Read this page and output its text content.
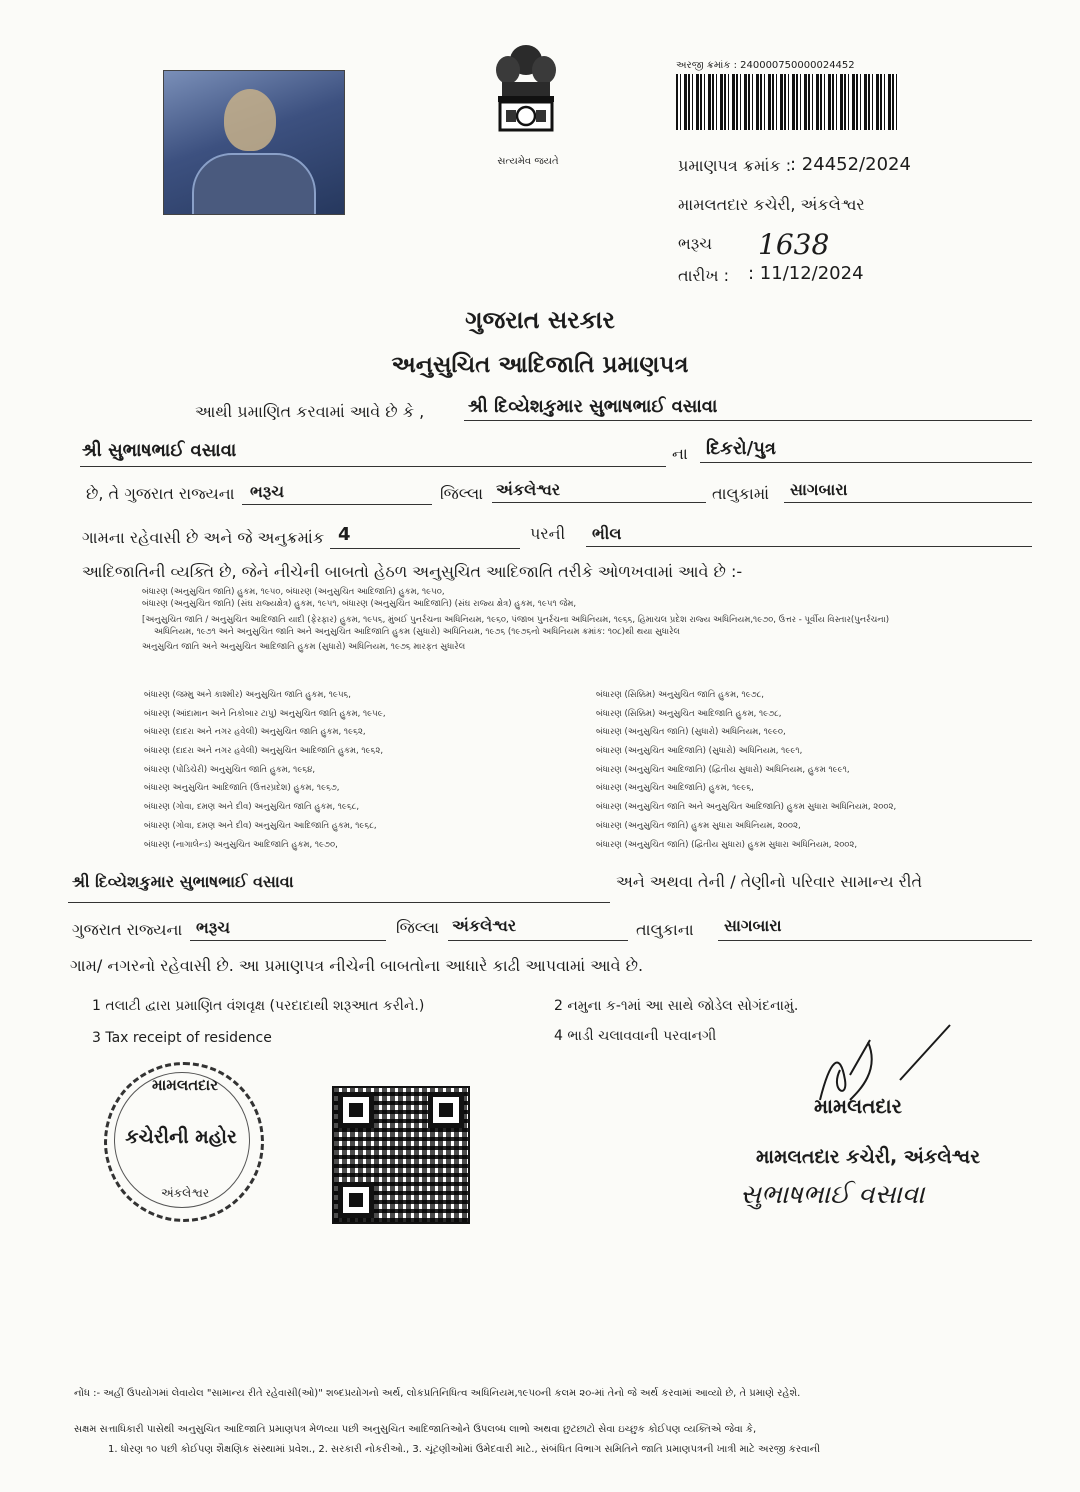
સત્યમેવ જયતે
અરજી ક્રમાંક : 240000750000024452
પ્રમાણપત્ર ક્રમાંક :
: 24452/2024
મામલતદાર કચેરી, અંકલેશ્વર
ભરૂચ 1638
તારીખ : : 11/12/2024
ગુજરાત સરકાર
અનુસુચિત આદિજાતિ પ્રમાણપત્ર
આથી પ્રમાણિત કરવામાં આવે છે કે , શ્રી દિવ્યેશકુમાર સુભાષભાઈ વસાવા
શ્રી સુભાષભાઈ વસાવા	ના દિકરો/પુત્ર
છે, તે ગુજરાત રાજ્યના ભરૂચ	જિલ્લા અંકલેશ્વર	તાલુકામાં સાગબારા
ગામના રહેવાસી છે અને જે અનુક્રમાંક 4	પરની ભીલ
આદિજાતિની વ્યક્તિ છે, જેને નીચેની બાબતો હેઠળ અનુસુચિત આદિજાતિ તરીકે ઓળખવામાં આવે છે :-
બંધારણ (અનુસુચિત જાતિ) હુકમ, ૧૯૫૦, બંધારણ (અનુસુચિત આદિજાતિ) હુકમ, ૧૯૫૦,
બંધારણ (અનુસુચિત જાતિ) (સંઘ રાજ્યક્ષેત્ર) હુકમ, ૧૯૫૧, બંધારણ (અનુસુચિત આદિજાતિ) (સંઘ રાજ્ય ક્ષેત્ર) હુકમ, ૧૯૫૧ જેમ,
[અનુસુચિત જાતિ / અનુસુચિત આદિજાતિ યાદી (ફેરફાર) હુકમ, ૧૯૫૬, મુંબઈ પુનર્રચના અધિનિયમ, ૧૯૬૦, પંજાબ પુનર્રચના અધિનિયમ, ૧૯૬૬, હિમાચલ પ્રદેશ રાજ્ય અધિનિયમ,૧૯૭૦, ઉત્તર - પૂર્વીય વિસ્તાર(પુનર્રચના)
અધિનિયમ, ૧૯૭૧ અને અનુસુચિત જાતિ અને અનુસુચિત આદિજાતિ હુકમ (સુધારો) અધિનિયમ, ૧૯૭૬ (૧૯૭૬નો અધિનિયમ ક્રમાંક: ૧૦૮)થી થયા સુધારેલ
અનુસુચિત જાતિ અને અનુસુચિત આદિજાતિ હુકમ (સુધારો) અધિનિયમ, ૧૯૭૬ મારફત સુધારેલ
બંધારણ (જમ્મુ અને કાશ્મીર) અનુસુચિત જાતિ હુકમ, ૧૯૫૬,
બંધારણ (આંદામાન અને નિકોબાર ટાપુ) અનુસુચિત જાતિ હુકમ, ૧૯૫૯,
બંધારણ (દાદરા અને નગર હવેલી) અનુસુચિત જાતિ હુકમ, ૧૯૬૨,
બંધારણ (દાદરા અને નગર હવેલી) અનુસુચિત આદિજાતિ હુકમ, ૧૯૬૨,
બંધારણ (પોંડિચેરી) અનુસુચિત જાતિ હુકમ, ૧૯૬૪,
બંધારણ અનુસુચિત આદિજાતિ (ઉત્તરપ્રદેશ) હુકમ, ૧૯૬૭,
બંધારણ (ગોવા, દમણ અને દીવ) અનુસુચિત જાતિ હુકમ, ૧૯૬૮,
બંધારણ (ગોવા, દમણ અને દીવ) અનુસુચિત આદિજાતિ હુકમ, ૧૯૬૮,
બંધારણ (નાગાલેન્ડ) અનુસુચિત આદિજાતિ હુકમ, ૧૯૭૦,
બંધારણ (સિક્કિમ) અનુસુચિત જાતિ હુકમ, ૧૯૭૮,
બંધારણ (સિક્કિમ) અનુસુચિત આદિજાતિ હુકમ, ૧૯૭૮,
બંધારણ (અનુસુચિત જાતિ) (સુધારો) અધિનિયમ, ૧૯૯૦,
બંધારણ (અનુસુચિત આદિજાતિ) (સુધારો) અધિનિયમ, ૧૯૯૧,
બંધારણ (અનુસુચિત આદિજાતિ) (દ્વિતીય સુધારો) અધિનિયમ, હુકમ ૧૯૯૧,
બંધારણ (અનુસુચિત આદિજાતિ) હુકમ, ૧૯૯૬,
બંધારણ (અનુસુચિત જાતિ અને અનુસુચિત આદિજાતિ) હુકમ સુધારા અધિનિયમ, ૨૦૦૨,
બંધારણ (અનુસુચિત જાતિ) હુકમ સુધારા અધિનિયમ, ૨૦૦૨,
બંધારણ (અનુસુચિત જાતિ) (દ્વિતીય સુધારા) હુકમ સુધારા અધિનિયમ, ૨૦૦૨,
શ્રી દિવ્યેશકુમાર સુભાષભાઈ વસાવા	અને અથવા તેની / તેણીનો પરિવાર સામાન્ય રીતે
ગુજરાત રાજ્યના ભરૂચ	જિલ્લા અંકલેશ્વર	તાલુકાના સાગબારા
ગામ/ નગરનો રહેવાસી છે. આ પ્રમાણપત્ર નીચેની બાબતોના આધારે કાઢી આપવામાં આવે છે.
1 તલાટી દ્વારા પ્રમાણિત વંશવૃક્ષ (પરદાદાથી શરૂઆત કરીને.)	2 નમુના ક-૧માં આ સાથે જોડેલ સોગંદનામું.
3 Tax receipt of residence	4 ભાડી ચલાવવાની પરવાનગી
મામલતદાર
કચેરીની મહોર
અંકલેશ્વર
મામલતદાર
મામલતદાર કચેરી, અંકલેશ્વર
સુભાષભાઈ વસાવા
નોંધ :- અહીં ઉપયોગમાં લેવાયેલ "સામાન્ય રીતે રહેવાસી(ઓ)" શબ્દપ્રયોગનો અર્થ, લોકપ્રતિનિધિત્વ અધિનિયમ,૧૯૫૦ની કલમ ૨૦-માં તેનો જે અર્થ કરવામાં આવ્યો છે, તે પ્રમાણે રહેશે.
સક્ષમ સત્તાધિકારી પાસેથી અનુસુચિત આદિજાતિ પ્રમાણપત્ર મેળવ્યા પછી અનુસુચિત આદિજાતિઓને ઉપલબ્ધ લાભો અથવા છુટછાટો સેવા ઇચ્છુક કોઈપણ વ્યક્તિએ જેવા કે,
1. ધોરણ ૧૦ પછી કોઈપણ શૈક્ષણિક સંસ્થામાં પ્રવેશ., 2. સરકારી નોકરીઓ., 3. ચૂંટણીઓમાં ઉમેદવારી માટે., સંબંધિત વિભાગ સમિતિને જાતિ પ્રમાણપત્રની ખાત્રી માટે અરજી કરવાની
